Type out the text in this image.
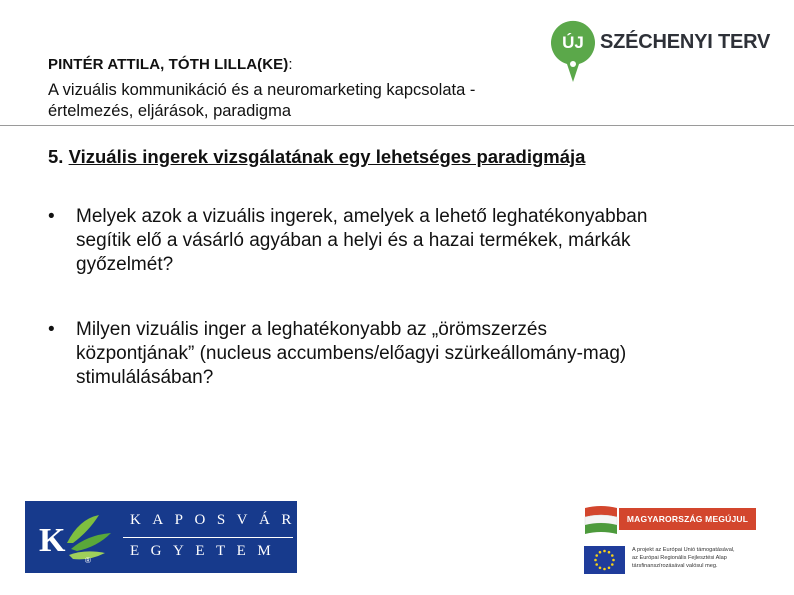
PINTÉR ATTILA, TÓTH LILLA(KE):
A vizuális kommunikáció és a neuromarketing kapcsolata -
értelmezés, eljárások, paradigma
ÚJ SZÉCHENYI TERV
5. Vizuális ingerek vizsgálatának egy lehetséges paradigmája
• Melyek azok a vizuális ingerek, amelyek a lehető leghatékonyabban
segítik elő a vásárló agyában a helyi és a hazai termékek, márkák
győzelmét?
• Milyen vizuális inger a leghatékonyabb az „örömszerzés
központjának” (nucleus accumbens/előagyi szürkeállomány-mag)
stimulálásában?
K
®
KAPOSVÁRI
EGYETEM
MAGYARORSZÁG MEGÚJUL
A projekt az Európai Unió támogatásával,
az Európai Regionális Fejlesztési Alap
társfinanszírozásával valósul meg.
